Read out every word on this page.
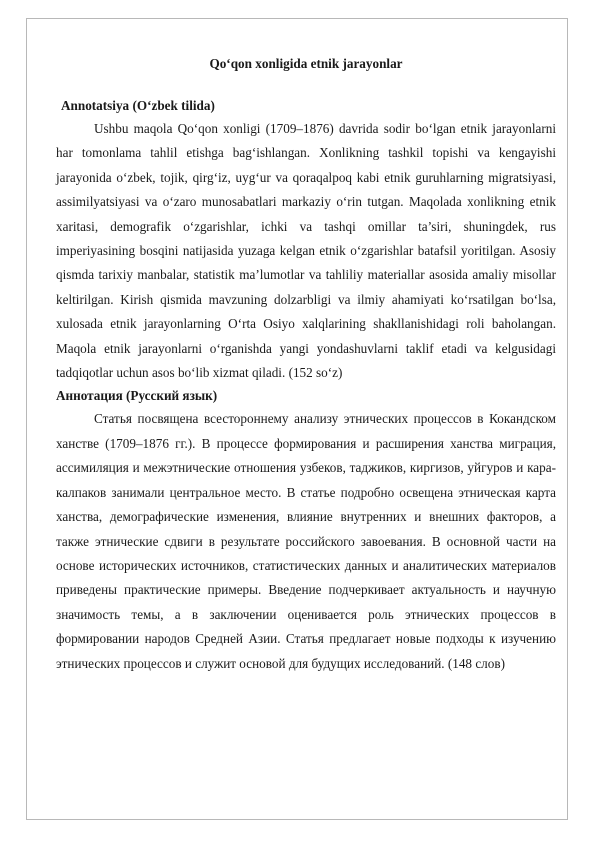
Qo‘qon xonligida etnik jarayonlar

Annotatsiya (O‘zbek tilida)

Ushbu maqola Qo‘qon xonligi (1709–1876) davrida sodir bo‘lgan etnik jarayonlarni har tomonlama tahlil etishga bag‘ishlangan. Xonlikning tashkil topishi va kengayishi jarayonida o‘zbek, tojik, qirg‘iz, uyg‘ur va qoraqalpoq kabi etnik guruhlarning migratsiyasi, assimilyatsiyasi va o‘zaro munosabatlari markaziy o‘rin tutgan. Maqolada xonlikning etnik xaritasi, demografik o‘zgarishlar, ichki va tashqi omillar ta’siri, shuningdek, rus imperiyasining bosqini natijasida yuzaga kelgan etnik o‘zgarishlar batafsil yoritilgan. Asosiy qismda tarixiy manbalar, statistik ma’lumotlar va tahliliy materiallar asosida amaliy misollar keltirilgan. Kirish qismida mavzuning dolzarbligi va ilmiy ahamiyati ko‘rsatilgan bo‘lsa, xulosada etnik jarayonlarning O‘rta Osiyo xalqlarining shakllanishidagi roli baholangan. Maqola etnik jarayonlarni o‘rganishda yangi yondashuvlarni taklif etadi va kelgusidagi tadqiqotlar uchun asos bo‘lib xizmat qiladi. (152 so‘z)

Аннотация (Русский язык)

Статья посвящена всестороннему анализу этнических процессов в Кокандском ханстве (1709–1876 гг.). В процессе формирования и расширения ханства миграция, ассимиляция и межэтнические отношения узбеков, таджиков, киргизов, уйгуров и кара-калпаков занимали центральное место. В статье подробно освещена этническая карта ханства, демографические изменения, влияние внутренних и внешних факторов, а также этнические сдвиги в результате российского завоевания. В основной части на основе исторических источников, статистических данных и аналитических материалов приведены практические примеры. Введение подчеркивает актуальность и научную значимость темы, а в заключении оценивается роль этнических процессов в формировании народов Средней Азии. Статья предлагает новые подходы к изучению этнических процессов и служит основой для будущих исследований. (148 слов)
